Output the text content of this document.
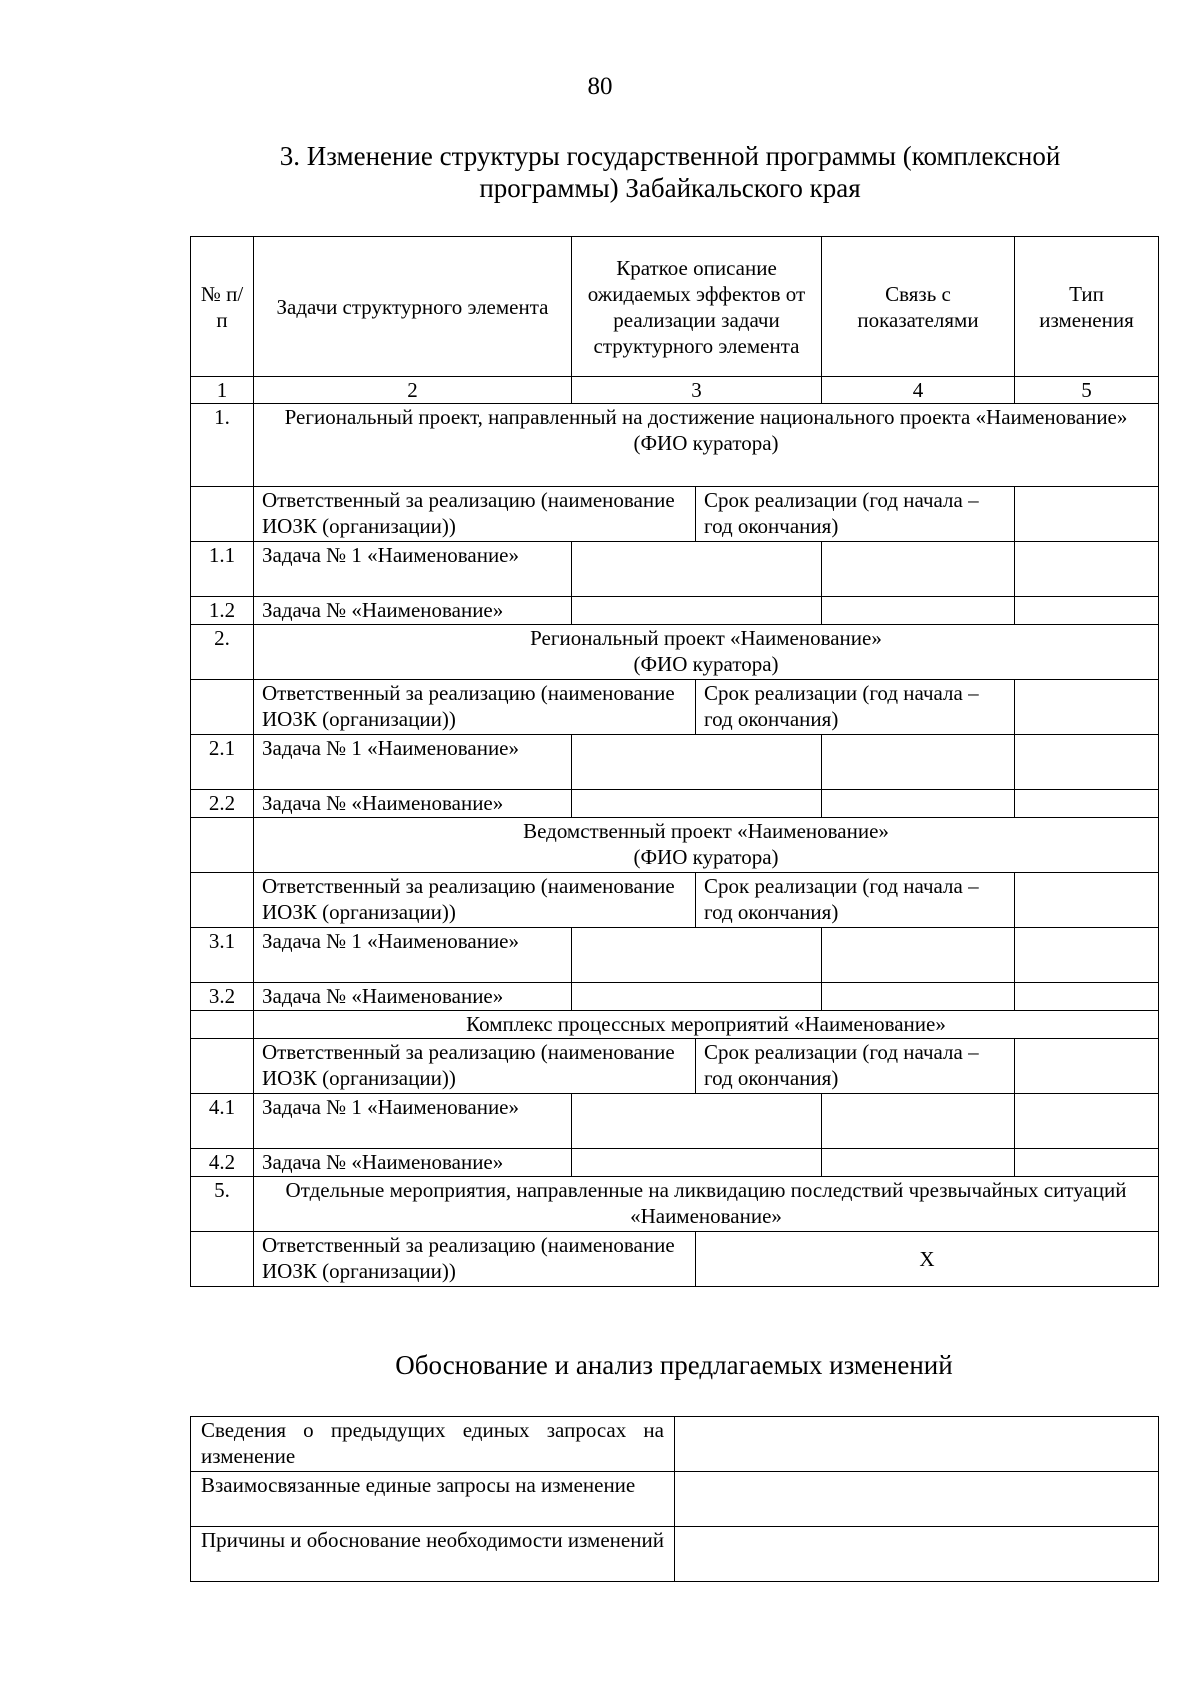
80
3. Изменение структуры государственной программы (комплексной
программы) Забайкальского края
№ п/п	Задачи структурного элемента	Краткое описание ожидаемых эффектов от реализации задачи структурного элемента		Связь с показателями	Тип изменения
1	2	3		4	5
1.	Региональный проект, направленный на достижение национального проекта «Наименование»
(ФИО куратора)				

	Ответственный за реализацию (наименование ИОЗК (организации))		Срок реализации (год начала – год окончания)		
1.1	Задача № 1 «Наименование»				
1.2	Задача № «Наименование»				
2.	Региональный проект «Наименование»
(ФИО куратора)				

	Ответственный за реализацию (наименование ИОЗК (организации))		Срок реализации (год начала – год окончания)		
2.1	Задача № 1 «Наименование»				
2.2	Задача № «Наименование»				

	Ведомственный проект «Наименование»
(ФИО куратора)				

	Ответственный за реализацию (наименование ИОЗК (организации))		Срок реализации (год начала – год окончания)		
3.1	Задача № 1 «Наименование»				
3.2	Задача № «Наименование»				

	Комплекс процессных мероприятий «Наименование»				

	Ответственный за реализацию (наименование ИОЗК (организации))		Срок реализации (год начала – год окончания)		
4.1	Задача № 1 «Наименование»				
4.2	Задача № «Наименование»				
5.	Отдельные мероприятия, направленные на ликвидацию последствий чрезвычайных ситуаций «Наименование»				

	Ответственный за реализацию (наименование ИОЗК (организации))		X		
Обоснование и анализ предлагаемых изменений
Сведения о предыдущих единых запросах на изменение	
Взаимосвязанные единые запросы на изменение	
Причины и обоснование необходимости изменений	
